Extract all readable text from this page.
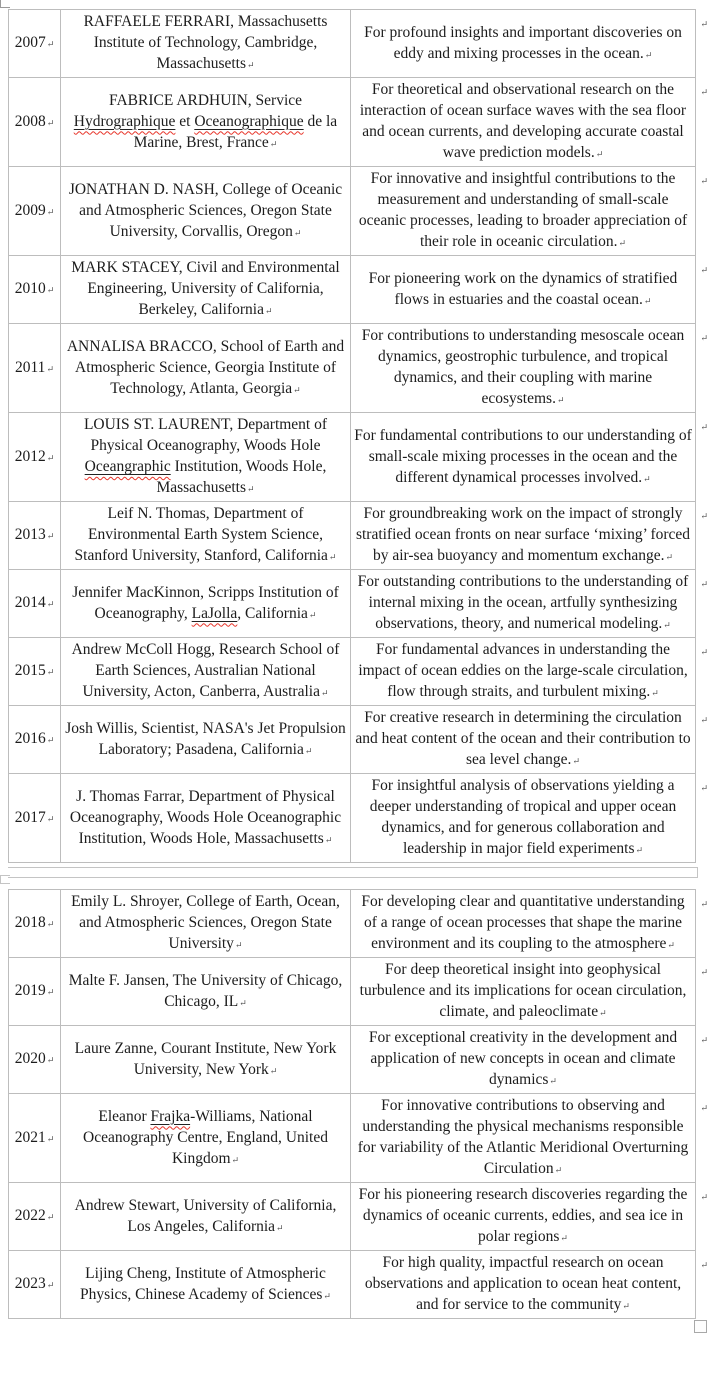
2007↵	RAFFAELE FERRARI, Massachusetts Institute of Technology, Cambridge, Massachusetts↵	For profound insights and important discoveries on eddy and mixing processes in the ocean.↵
↵

2008↵	FABRICE ARDHUIN, Service Hydrographique et Oceanographique de la Marine, Brest, France↵	For theoretical and observational research on the interaction of ocean surface waves with the sea floor and ocean currents, and developing accurate coastal wave prediction models.↵
↵

2009↵	JONATHAN D. NASH, College of Oceanic and Atmospheric Sciences, Oregon State University, Corvallis, Oregon↵	For innovative and insightful contributions to the measurement and understanding of small-scale oceanic processes, leading to broader appreciation of their role in oceanic circulation.↵
↵

2010↵	MARK STACEY, Civil and Environmental Engineering, University of California, Berkeley, California↵	For pioneering work on the dynamics of stratified flows in estuaries and the coastal ocean.↵
↵

2011↵	ANNALISA BRACCO, School of Earth and Atmospheric Science, Georgia Institute of Technology, Atlanta, Georgia↵	For contributions to understanding mesoscale ocean dynamics, geostrophic turbulence, and tropical dynamics, and their coupling with marine ecosystems.↵
↵

2012↵	LOUIS ST. LAURENT, Department of Physical Oceanography, Woods Hole Oceangraphic Institution, Woods Hole, Massachusetts↵	For fundamental contributions to our understanding of small-scale mixing processes in the ocean and the different dynamical processes involved.↵
↵

2013↵	Leif N. Thomas, Department of Environmental Earth System Science, Stanford University, Stanford, California↵	For groundbreaking work on the impact of strongly stratified ocean fronts on near surface ‘mixing’ forced by air-sea buoyancy and momentum exchange.↵
↵

2014↵	Jennifer MacKinnon, Scripps Institution of Oceanography, LaJolla, California↵	For outstanding contributions to the understanding of internal mixing in the ocean, artfully synthesizing observations, theory, and numerical modeling.↵
↵

2015↵	Andrew McColl Hogg, Research School of Earth Sciences, Australian National University, Acton, Canberra, Australia↵	For fundamental advances in understanding the impact of ocean eddies on the large-scale circulation, flow through straits, and turbulent mixing.↵
↵

2016↵	Josh Willis, Scientist, NASA's Jet Propulsion Laboratory; Pasadena, California↵	For creative research in determining the circulation and heat content of the ocean and their contribution to sea level change.↵
↵

2017↵	J. Thomas Farrar, Department of Physical Oceanography, Woods Hole Oceanographic Institution, Woods Hole, Massachusetts↵	For insightful analysis of observations yielding a deeper understanding of tropical and upper ocean dynamics, and for generous collaboration and leadership in major field experiments↵
↵
2018↵	Emily L. Shroyer, College of Earth, Ocean, and Atmospheric Sciences, Oregon State University↵	For developing clear and quantitative understanding of a range of ocean processes that shape the marine environment and its coupling to the atmosphere↵
↵

2019↵	Malte F. Jansen, The University of Chicago, Chicago, IL↵	For deep theoretical insight into geophysical turbulence and its implications for ocean circulation, climate, and paleoclimate↵
↵

2020↵	Laure Zanne, Courant Institute, New York University, New York↵	For exceptional creativity in the development and application of new concepts in ocean and climate dynamics↵
↵

2021↵	Eleanor Frajka-Williams, National Oceanography Centre, England, United Kingdom↵	For innovative contributions to observing and understanding the physical mechanisms responsible for variability of the Atlantic Meridional Overturning Circulation↵
↵

2022↵	Andrew Stewart, University of California, Los Angeles, California↵	For his pioneering research discoveries regarding the dynamics of oceanic currents, eddies, and sea ice in polar regions↵
↵

2023↵	Lijing Cheng, Institute of Atmospheric Physics, Chinese Academy of Sciences↵	For high quality, impactful research on ocean observations and application to ocean heat content, and for service to the community↵
↵
